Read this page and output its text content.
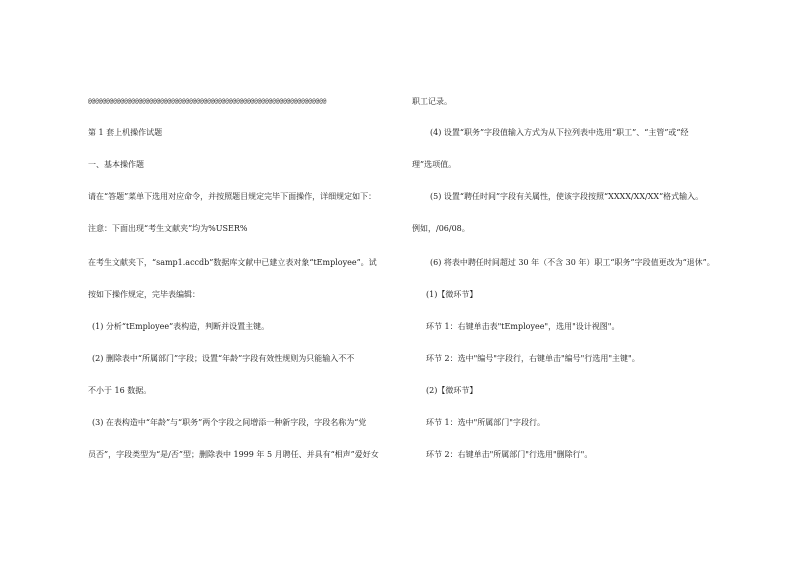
@@@@@@@@@@@@@@@@@@@@@@@@@@@@@@@@@@@@@@@@@@@@@@@@@@@@@@@@@@@@@@@@@@
第 1 套上机操作试题
一、基本操作题
请在“答题”菜单下选用对应命令，并按照题目规定完毕下面操作，详细规定如下：
注意：下面出现“考生文献夹”均为%USER%
在考生文献夹下，“samp1.accdb”数据库文献中已建立表对象“tEmployee”。试
按如下操作规定，完毕表编辑：
(1) 分析“tEmployee”表构造，判断并设置主键。
(2) 删除表中“所属部门”字段；设置“年龄”字段有效性规则为只能输入不不
不小于 16 数据。
(3) 在表构造中“年龄”与“职务”两个字段之间增添一种新字段，字段名称为“党
员否”，字段类型为“是/否”型；删除表中 1999 年 5 月聘任、并具有“相声”爱好女
职工记录。
(4) 设置“职务”字段值输入方式为从下拉列表中选用“职工”、“主管”或“经
理”选项值。
(5) 设置“聘任时间”字段有关属性，使该字段按照“XXXX/XX/XX”格式输入。
例如，/06/08。
(6) 将表中聘任时间超过 30 年（不含 30 年）职工“职务”字段值更改为“退休”。
(1)【微环节】
环节 1：右键单击表"tEmployee"，选用"设计视图"。
环节 2：选中"编号"字段行，右键单击"编号"行选用"主键"。
(2)【微环节】
环节 1：选中"所属部门"字段行。
环节 2：右键单击"所属部门"行选用"删除行"。
